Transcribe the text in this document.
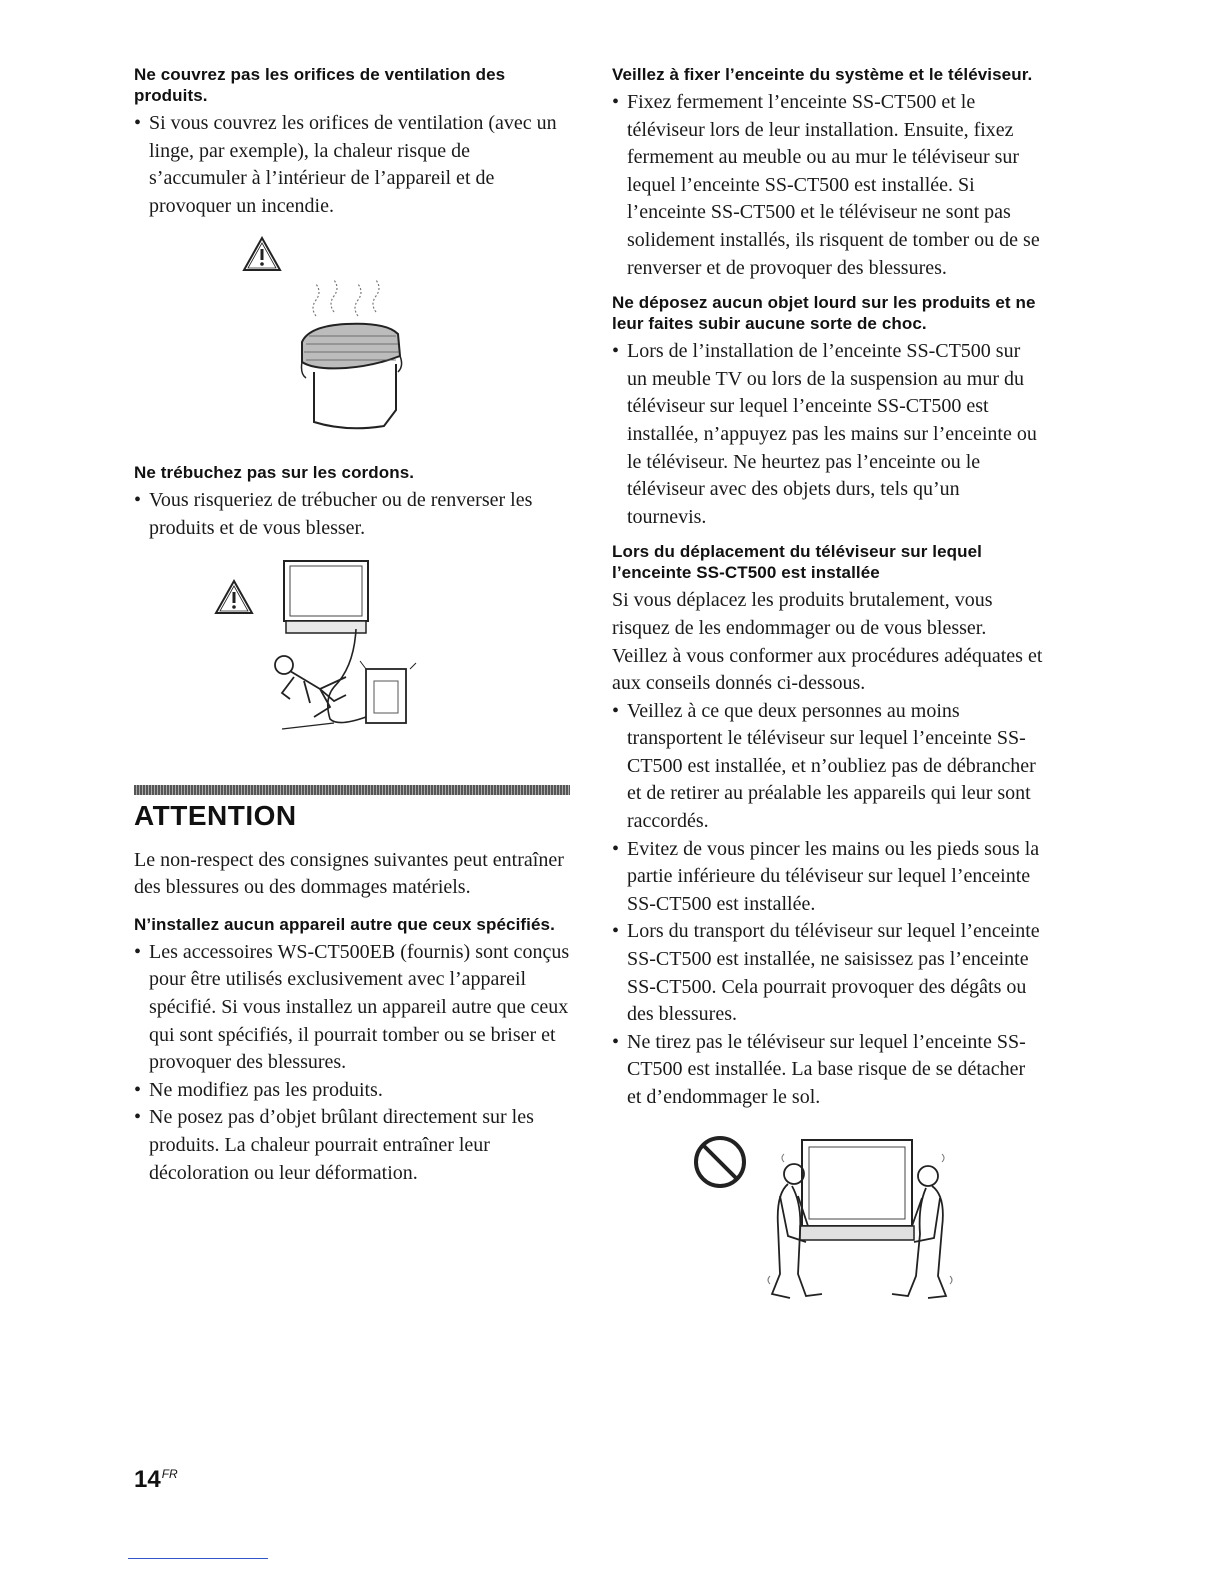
Ne couvrez pas les orifices de ventilation des produits.
• Si vous couvrez les orifices de ventilation (avec un linge, par exemple), la chaleur risque de s’accumuler à l’intérieur de l’appareil et de provoquer un incendie.
Ne trébuchez pas sur les cordons.
• Vous risqueriez de trébucher ou de renverser les produits et de vous blesser.
ATTENTION

Le non-respect des consignes suivantes peut entraîner des blessures ou des dommages matériels.

N’installez aucun appareil autre que ceux spécifiés.
• Les accessoires WS-CT500EB (fournis) sont conçus pour être utilisés exclusivement avec l’appareil spécifié. Si vous installez un appareil autre que ceux qui sont spécifiés, il pourrait tomber ou se briser et provoquer des blessures.
• Ne modifiez pas les produits.
• Ne posez pas d’objet brûlant directement sur les produits. La chaleur pourrait entraîner leur décoloration ou leur déformation.
Veillez à fixer l’enceinte du système et le téléviseur.
• Fixez fermement l’enceinte SS-CT500 et le téléviseur lors de leur installation. Ensuite, fixez fermement au meuble ou au mur le téléviseur sur lequel l’enceinte SS-CT500 est installée. Si l’enceinte SS-CT500 et le téléviseur ne sont pas solidement installés, ils risquent de tomber ou de se renverser et de provoquer des blessures.
Ne déposez aucun objet lourd sur les produits et ne leur faites subir aucune sorte de choc.
• Lors de l’installation de l’enceinte SS-CT500 sur un meuble TV ou lors de la suspension au mur du téléviseur sur lequel l’enceinte SS-CT500 est installée, n’appuyez pas les mains sur l’enceinte ou le téléviseur. Ne heurtez pas l’enceinte ou le téléviseur avec des objets durs, tels qu’un tournevis.
Lors du déplacement du téléviseur sur lequel l’enceinte SS-CT500 est installée

Si vous déplacez les produits brutalement, vous risquez de les endommager ou de vous blesser. Veillez à vous conformer aux procédures adéquates et aux conseils donnés ci-dessous.

• Veillez à ce que deux personnes au moins transportent le téléviseur sur lequel l’enceinte SS-CT500 est installée, et n’oubliez pas de débrancher et de retirer au préalable les appareils qui leur sont raccordés.
• Evitez de vous pincer les mains ou les pieds sous la partie inférieure du téléviseur sur lequel l’enceinte SS-CT500 est installée.
• Lors du transport du téléviseur sur lequel l’enceinte SS-CT500 est installée, ne saisissez pas l’enceinte SS-CT500. Cela pourrait provoquer des dégâts ou des blessures.
• Ne tirez pas le téléviseur sur lequel l’enceinte SS-CT500 est installée. La base risque de se détacher et d’endommager le sol.
$14^{FR}$
